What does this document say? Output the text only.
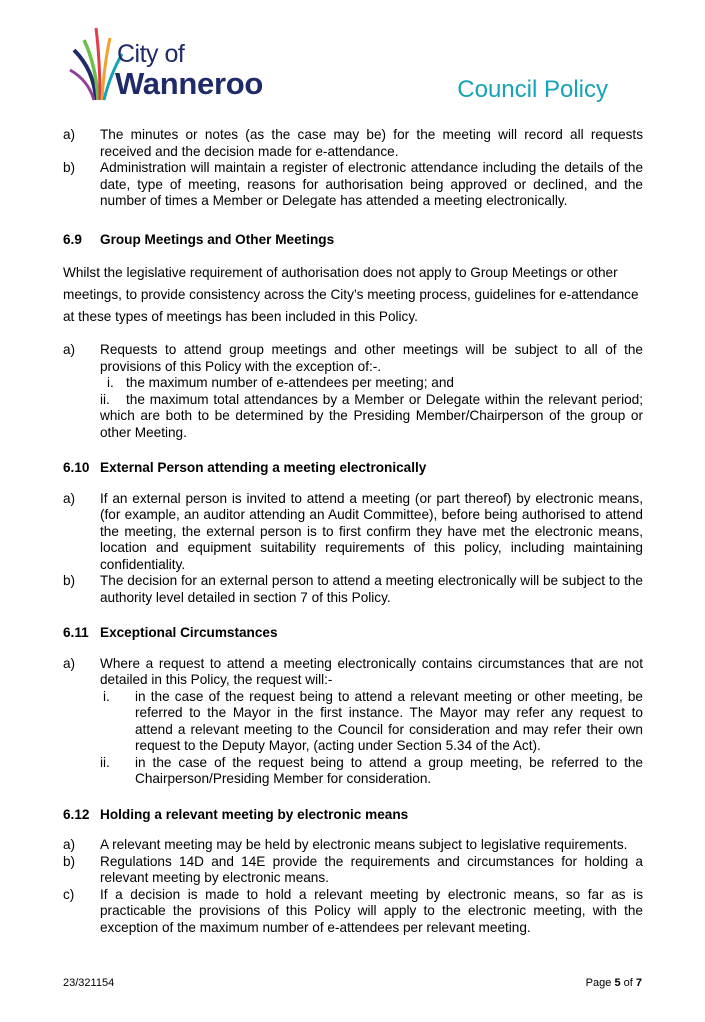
City of
Wanneroo	Council Policy
a) The minutes or notes (as the case may be) for the meeting will record all requests received and the decision made for e-attendance.
b) Administration will maintain a register of electronic attendance including the details of the date, type of meeting, reasons for authorisation being approved or declined, and the number of times a Member or Delegate has attended a meeting electronically.
6.9 Group Meetings and Other Meetings
Whilst the legislative requirement of authorisation does not apply to Group Meetings or other meetings, to provide consistency across the City’s meeting process, guidelines for e-attendance at these types of meetings has been included in this Policy.
a) Requests to attend group meetings and other meetings will be subject to all of the provisions of this Policy with the exception of:-.
i. the maximum number of e-attendees per meeting; and
ii. the maximum total attendances by a Member or Delegate within the relevant period; which are both to be determined by the Presiding Member/Chairperson of the group or other Meeting.
6.10 External Person attending a meeting electronically
a) If an external person is invited to attend a meeting (or part thereof) by electronic means, (for example, an auditor attending an Audit Committee), before being authorised to attend the meeting, the external person is to first confirm they have met the electronic means, location and equipment suitability requirements of this policy, including maintaining confidentiality.
b) The decision for an external person to attend a meeting electronically will be subject to the authority level detailed in section 7 of this Policy.
6.11 Exceptional Circumstances
a) Where a request to attend a meeting electronically contains circumstances that are not detailed in this Policy, the request will:-
i. in the case of the request being to attend a relevant meeting or other meeting, be referred to the Mayor in the first instance. The Mayor may refer any request to attend a relevant meeting to the Council for consideration and may refer their own request to the Deputy Mayor, (acting under Section 5.34 of the Act).
ii. in the case of the request being to attend a group meeting, be referred to the Chairperson/Presiding Member for consideration.
6.12 Holding a relevant meeting by electronic means
a) A relevant meeting may be held by electronic means subject to legislative requirements.
b) Regulations 14D and 14E provide the requirements and circumstances for holding a relevant meeting by electronic means.
c) If a decision is made to hold a relevant meeting by electronic means, so far as is practicable the provisions of this Policy will apply to the electronic meeting, with the exception of the maximum number of e-attendees per relevant meeting.
23/321154	Page 5 of 7
